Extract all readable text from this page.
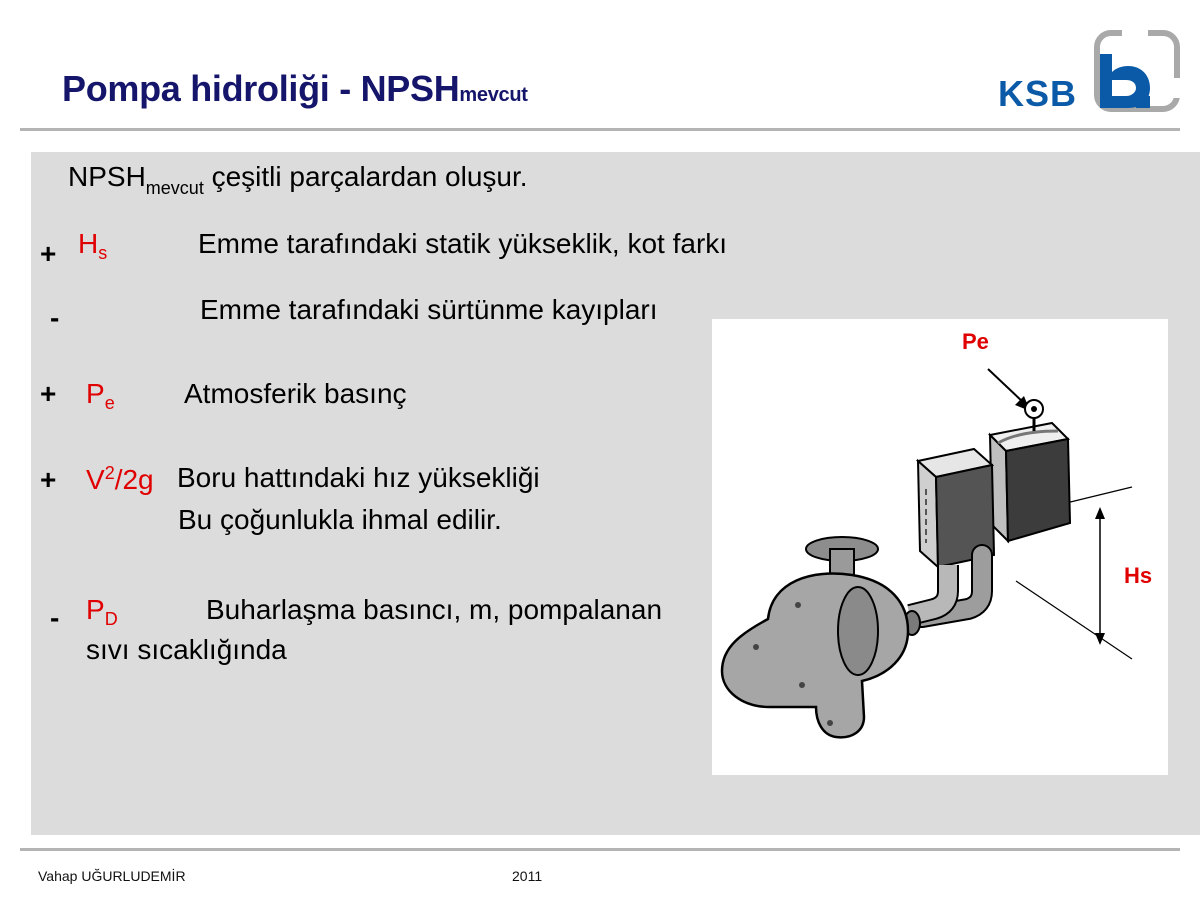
Pompa hidroliği - NPSHmevcut	KSB
$NPSH_{mevcut}$ çeşitli parçalardan oluşur.
+ $H_s$	Emme tarafındaki statik yükseklik, kot farkı
-	Emme tarafındaki sürtünme kayıpları
+ $P_e$ Atmosferik basınç
+ $V^2/2g$ Boru hattındaki hız yüksekliği
Bu çoğunlukla ihmal edilir.
- $P_D$	Buharlaşma basıncı, m, pompalanan
sıvı sıcaklığında
Pe
Hs
Vahap UĞURLUDEMİR	2011
